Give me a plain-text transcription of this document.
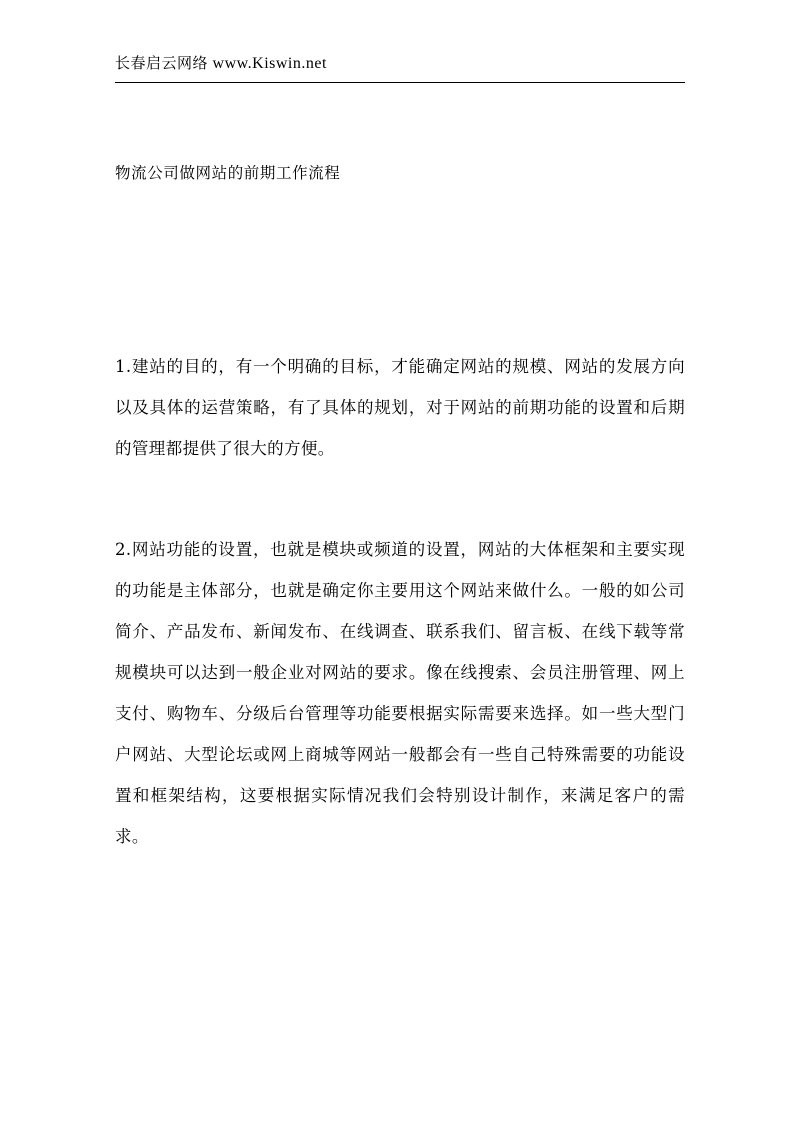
长春启云网络 www.Kiswin.net
物流公司做网站的前期工作流程

1.建站的目的，有一个明确的目标，才能确定网站的规模、网站的发展方向以及具体的运营策略，有了具体的规划，对于网站的前期功能的设置和后期的管理都提供了很大的方便。

2.网站功能的设置，也就是模块或频道的设置，网站的大体框架和主要实现的功能是主体部分，也就是确定你主要用这个网站来做什么。一般的如公司简介、产品发布、新闻发布、在线调查、联系我们、留言板、在线下载等常规模块可以达到一般企业对网站的要求。像在线搜索、会员注册管理、网上支付、购物车、分级后台管理等功能要根据实际需要来选择。如一些大型门户网站、大型论坛或网上商城等网站一般都会有一些自己特殊需要的功能设置和框架结构，这要根据实际情况我们会特别设计制作，来满足客户的需求。
